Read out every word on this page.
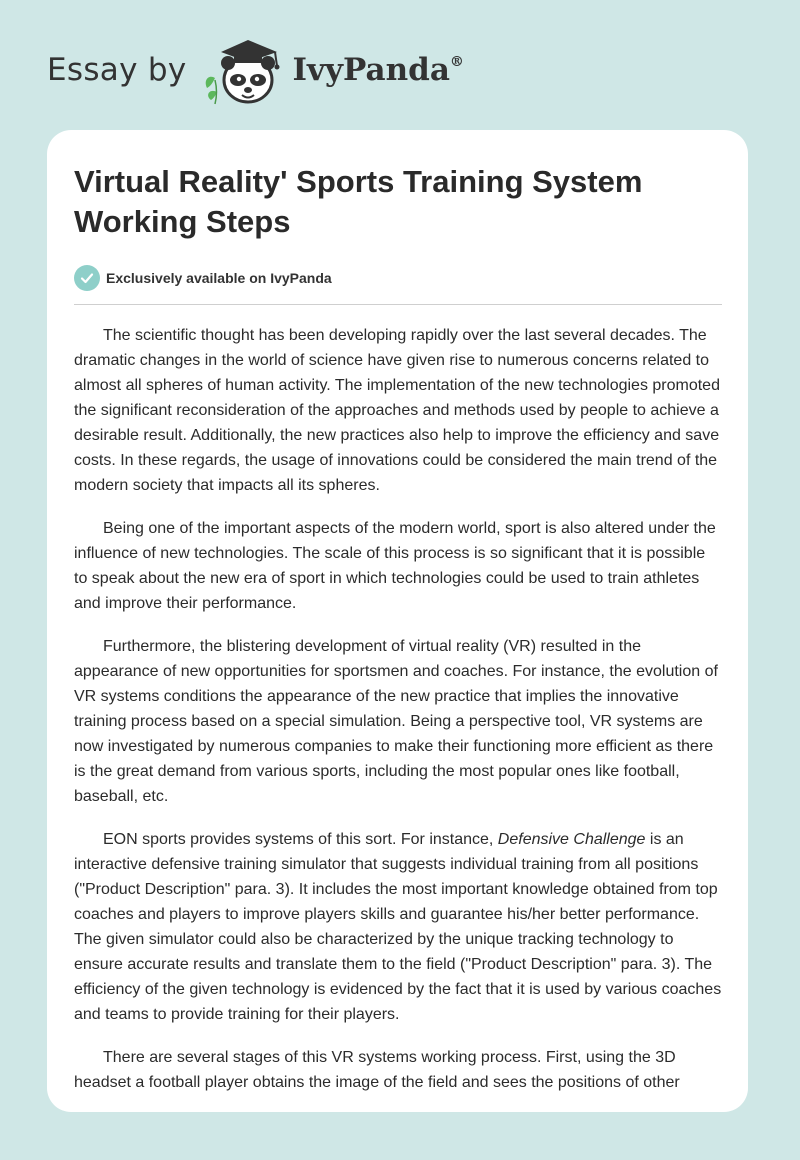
Essay by	IvyPanda®
Virtual Reality' Sports Training System Working Steps
Exclusively available on IvyPanda

The scientific thought has been developing rapidly over the last several decades. The dramatic changes in the world of science have given rise to numerous concerns related to almost all spheres of human activity. The implementation of the new technologies promoted the significant reconsideration of the approaches and methods used by people to achieve a desirable result. Additionally, the new practices also help to improve the efficiency and save costs. In these regards, the usage of innovations could be considered the main trend of the modern society that impacts all its spheres.

Being one of the important aspects of the modern world, sport is also altered under the influence of new technologies. The scale of this process is so significant that it is possible to speak about the new era of sport in which technologies could be used to train athletes and improve their performance.

Furthermore, the blistering development of virtual reality (VR) resulted in the appearance of new opportunities for sportsmen and coaches. For instance, the evolution of VR systems conditions the appearance of the new practice that implies the innovative training process based on a special simulation. Being a perspective tool, VR systems are now investigated by numerous companies to make their functioning more efficient as there is the great demand from various sports, including the most popular ones like football, baseball, etc.

EON sports provides systems of this sort. For instance, Defensive Challenge is an interactive defensive training simulator that suggests individual training from all positions ("Product Description" para. 3). It includes the most important knowledge obtained from top coaches and players to improve players skills and guarantee his/her better performance. The given simulator could also be characterized by the unique tracking technology to ensure accurate results and translate them to the field ("Product Description" para. 3). The efficiency of the given technology is evidenced by the fact that it is used by various coaches and teams to provide training for their players.

There are several stages of this VR systems working process. First, using the 3D headset a football player obtains the image of the field and sees the positions of other
